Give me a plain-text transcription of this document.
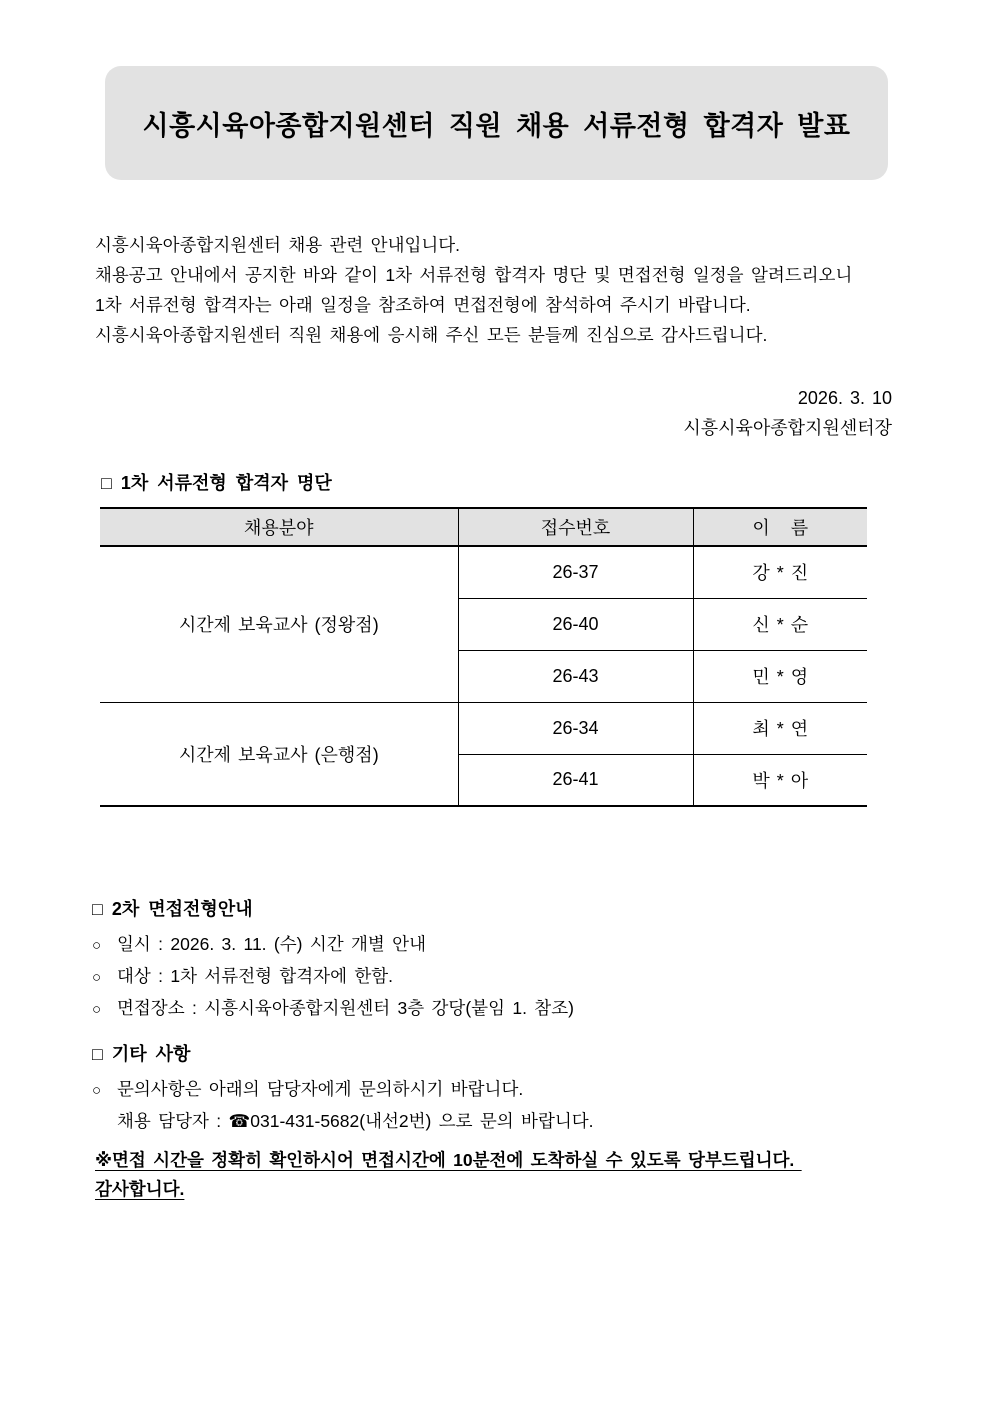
시흥시육아종합지원센터 직원 채용 서류전형 합격자 발표
시흥시육아종합지원센터 채용 관련 안내입니다.
채용공고 안내에서 공지한 바와 같이 1차 서류전형 합격자 명단 및 면접전형 일정을 알려드리오니
1차 서류전형 합격자는 아래 일정을 참조하여 면접전형에 참석하여 주시기 바랍니다.
시흥시육아종합지원센터 직원 채용에 응시해 주신 모든 분들께 진심으로 감사드립니다.
2026. 3. 10
시흥시육아종합지원센터장
□ 1차 서류전형 합격자 명단
채용분야	접수번호	이   름
시간제 보육교사 (정왕점)	26-37	강 * 진
	26-40	신 * 순
	26-43	민 * 영
시간제 보육교사 (은행점)	26-34	최 * 연
	26-41	박 * 아
□ 2차 면접전형안내
○ 일시 : 2026. 3. 11. (수) 시간 개별 안내
○ 대상 : 1차 서류전형 합격자에 한함.
○ 면접장소 : 시흥시육아종합지원센터 3층 강당(붙임 1. 참조)
□ 기타 사항
○ 문의사항은 아래의 담당자에게 문의하시기 바랍니다.
채용 담당자 : ☎031-431-5682(내선2번) 으로 문의 바랍니다.
※면접 시간을 정확히 확인하시어 면접시간에 10분전에 도착하실 수 있도록 당부드립니다.
감사합니다.
